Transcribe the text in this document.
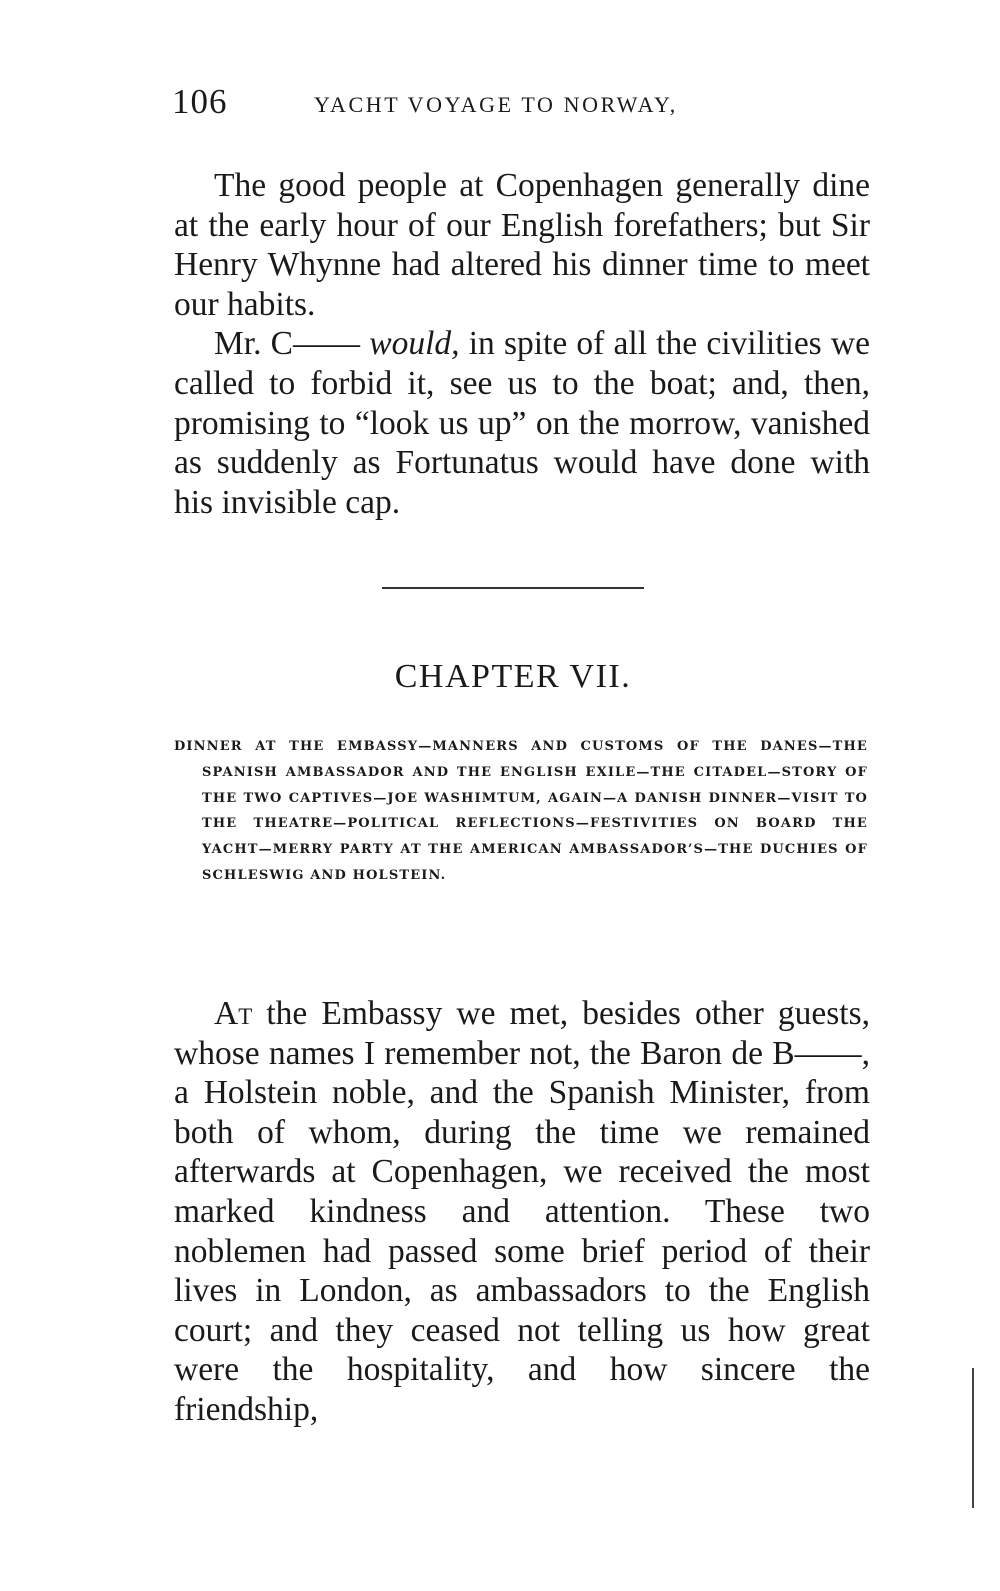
106	YACHT VOYAGE TO NORWAY,

The good people at Copenhagen generally dine at the early hour of our English forefathers; but Sir Henry Whynne had altered his dinner time to meet our habits.

Mr. C—— would, in spite of all the civilities we called to forbid it, see us to the boat; and, then, promising to “look us up” on the morrow, vanished as suddenly as Fortunatus would have done with his invisible cap.

CHAPTER VII.
DINNER AT THE EMBASSY—MANNERS AND CUSTOMS OF THE DANES—THE SPANISH AMBASSADOR AND THE ENGLISH EXILE—THE CITADEL—STORY OF THE TWO CAPTIVES—JOE WASHIMTUM, AGAIN—A DANISH DINNER—VISIT TO THE THEATRE—POLITICAL REFLECTIONS—FESTIVITIES ON BOARD THE YACHT—MERRY PARTY AT THE AMERICAN AMBASSADOR’S—THE DUCHIES OF SCHLESWIG AND HOLSTEIN.

At the Embassy we met, besides other guests, whose names I remember not, the Baron de B——, a Holstein noble, and the Spanish Minister, from both of whom, during the time we remained afterwards at Copenhagen, we received the most marked kindness and attention. These two noblemen had passed some brief period of their lives in London, as ambassadors to the English court; and they ceased not telling us how great were the hospitality, and how sincere the friendship,
